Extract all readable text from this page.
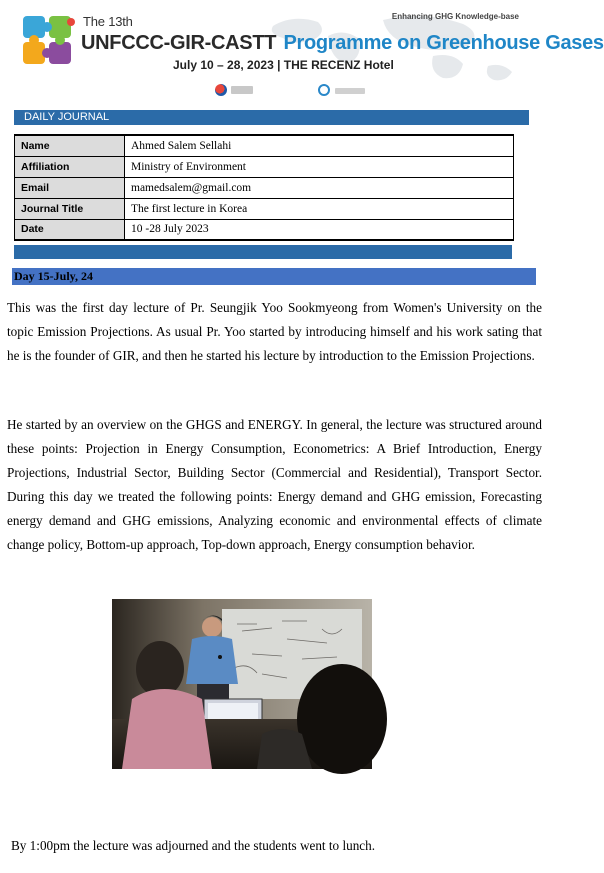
The 13th	Enhancing GHG Knowledge-base
UNFCCC-GIR-CASTT Programme on Greenhouse Gases
July 10 – 28, 2023 | THE RECENZ Hotel

DAILY JOURNAL
Name	Ahmed Salem Sellahi
Affiliation	Ministry of Environment
Email	mamedsalem@gmail.com
Journal Title	The first lecture in Korea
Date	10 -28 July 2023
Day 15-July, 24

This was the first day lecture of Pr. Seungjik Yoo Sookmyeong from Women's University on the topic Emission Projections. As usual Pr. Yoo started by introducing himself and his work sating that he is the founder of GIR, and then he started his lecture by introduction to the Emission Projections.

He started by an overview on the GHGS and ENERGY. In general, the lecture was structured around these points: Projection in Energy Consumption, Econometrics: A Brief Introduction, Energy Projections, Industrial Sector, Building Sector (Commercial and Residential), Transport Sector. During this day we treated the following points: Energy demand and GHG emission, Forecasting energy demand and GHG emissions, Analyzing economic and environmental effects of climate change policy, Bottom-up approach, Top-down approach, Energy consumption behavior.

By 1:00pm the lecture was adjourned and the students went to lunch.
